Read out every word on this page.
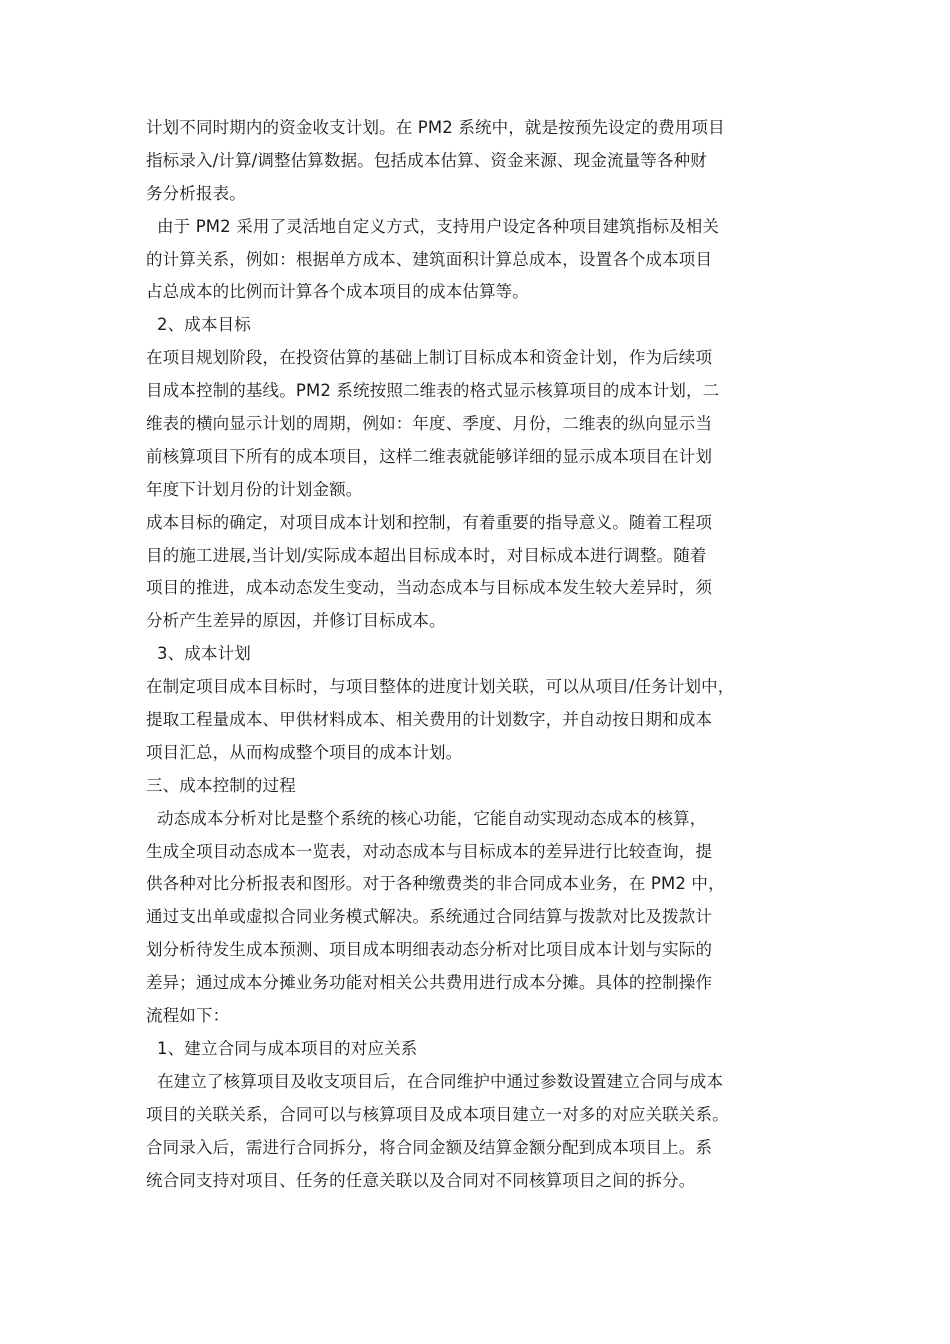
计划不同时期内的资金收支计划。在 PM2 系统中，就是按预先设定的费用项目
指标录入/计算/调整估算数据。包括成本估算、资金来源、现金流量等各种财
务分析报表。
由于 PM2 采用了灵活地自定义方式，支持用户设定各种项目建筑指标及相关
的计算关系，例如：根据单方成本、建筑面积计算总成本，设置各个成本项目
占总成本的比例而计算各个成本项目的成本估算等。
2、成本目标
在项目规划阶段，在投资估算的基础上制订目标成本和资金计划，作为后续项
目成本控制的基线。PM2 系统按照二维表的格式显示核算项目的成本计划，二
维表的横向显示计划的周期，例如：年度、季度、月份，二维表的纵向显示当
前核算项目下所有的成本项目，这样二维表就能够详细的显示成本项目在计划
年度下计划月份的计划金额。
成本目标的确定，对项目成本计划和控制，有着重要的指导意义。随着工程项
目的施工进展,当计划/实际成本超出目标成本时，对目标成本进行调整。随着
项目的推进，成本动态发生变动，当动态成本与目标成本发生较大差异时，须
分析产生差异的原因，并修订目标成本。
3、成本计划
在制定项目成本目标时，与项目整体的进度计划关联，可以从项目/任务计划中，
提取工程量成本、甲供材料成本、相关费用的计划数字，并自动按日期和成本
项目汇总，从而构成整个项目的成本计划。
三、成本控制的过程
动态成本分析对比是整个系统的核心功能，它能自动实现动态成本的核算，
生成全项目动态成本一览表，对动态成本与目标成本的差异进行比较查询，提
供各种对比分析报表和图形。对于各种缴费类的非合同成本业务，在 PM2 中，
通过支出单或虚拟合同业务模式解决。系统通过合同结算与拨款对比及拨款计
划分析待发生成本预测、项目成本明细表动态分析对比项目成本计划与实际的
差异；通过成本分摊业务功能对相关公共费用进行成本分摊。具体的控制操作
流程如下：
1、建立合同与成本项目的对应关系
在建立了核算项目及收支项目后，在合同维护中通过参数设置建立合同与成本
项目的关联关系，合同可以与核算项目及成本项目建立一对多的对应关联关系。
合同录入后，需进行合同拆分，将合同金额及结算金额分配到成本项目上。系
统合同支持对项目、任务的任意关联以及合同对不同核算项目之间的拆分。
